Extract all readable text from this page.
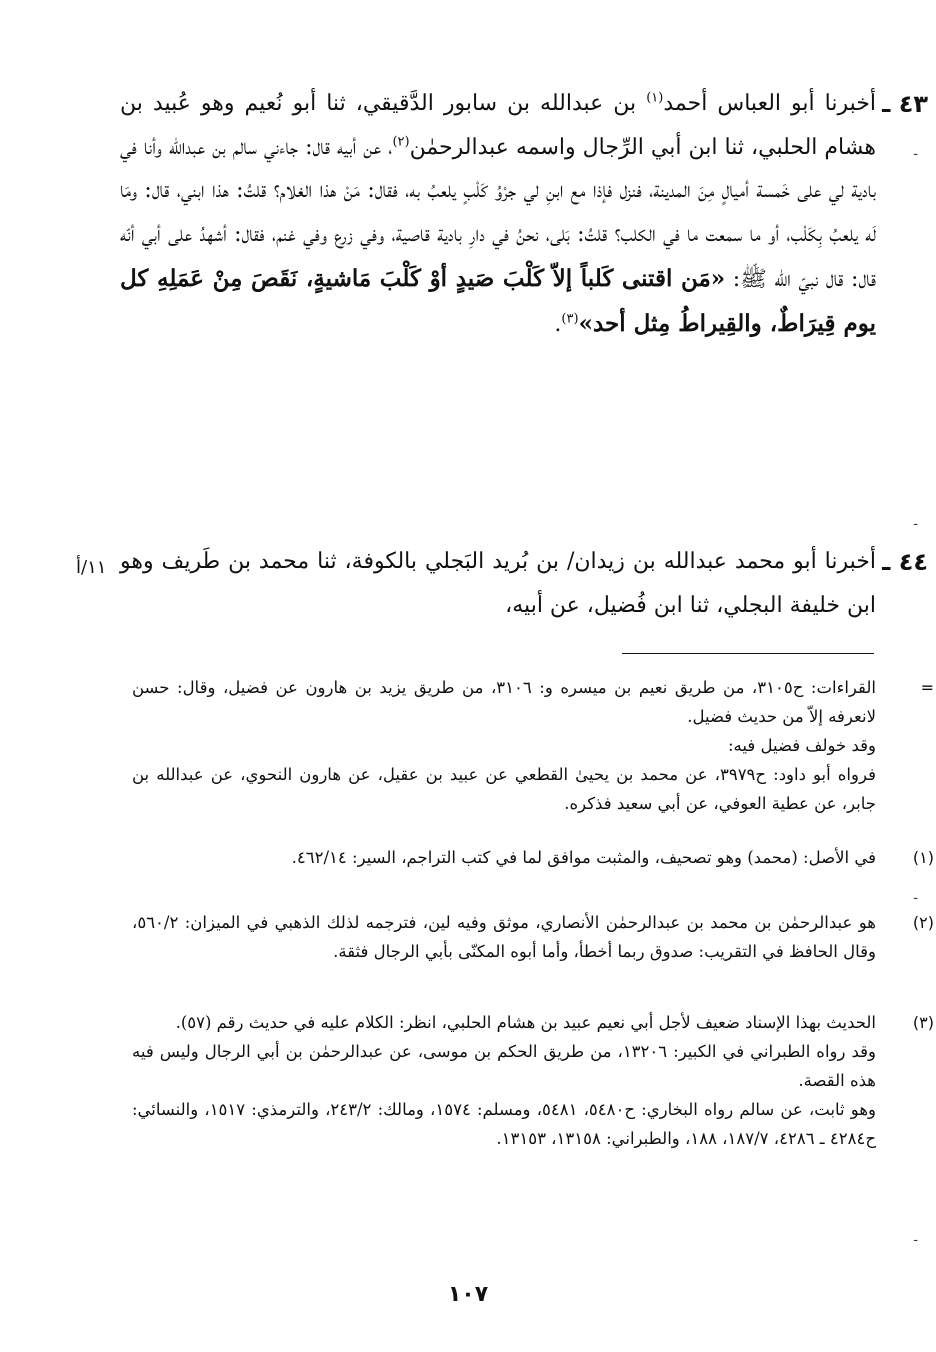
٤٣ ـ
أخبرنا أبو العباس أحمد$^{(١)}$ بن عبدالله بن سابور الدَّقيقي، ثنا أبو نُعيم وهو عُبيد بن هشام الحلبي، ثنا ابن أبي الرِّجال واسمه عبدالرحمٰن$^{(٢)}$، عن أبيه قال: جاءني سالم بن عبدالله وأنا في بادية لي على خَمسة أميالٍ مِنَ المدينة، فنزل فإذا مع ابنِ لي جرْوُ كَلْبٍ يلعبُ به، فقال: مَنْ هذا الغلام؟ قلتُ: هذا ابني، قال: ومَا لَه يلعبُ بِكَلْب، أو ما سمعت ما في الكلب؟ قلتُ: بَلى، نحنُ في دارِ بادية قاصية، وفي زرع وفي غنم، فقال: أشهدُ على أبي أنّه قال: قال نبيّ الله ﷺ: «مَن اقتنى كَلباً إلاّ كَلْبَ صَيدٍ أوْ كَلْبَ مَاشيةٍ، نَقَصَ مِنْ عَمَلِهِ كل يوم قِيرَاطٌ، والقِيراطُ مِثل أحد»$^{(٣)}$.
٤٤ ـ
أخبرنا أبو محمد عبدالله بن زيدان/ بن بُريد البَجلي بالكوفة، ثنا محمد بن طَريف وهو ابن خليفة البجلي، ثنا ابن فُضيل، عن أبيه،
١١/أ
=
القراءات: ح٣١٠٥، من طريق نعيم بن ميسره و: ٣١٠٦، من طريق يزيد بن هارون عن فضيل، وقال: حسن لانعرفه إلاّ من حديث فضيل.
وقد خولف فضيل فيه:
فرواه أبو داود: ح٣٩٧٩، عن محمد بن يحيىٰ القطعي عن عبيد بن عقيل، عن هارون النحوي، عن عبدالله بن جابر، عن عطية العوفي، عن أبي سعيد فذكره.
(١)
في الأصل: (محمد) وهو تصحيف، والمثبت موافق لما في كتب التراجم، السير: ٤٦٢/١٤.
(٢)
هو عبدالرحمٰن بن محمد بن عبدالرحمٰن الأنصاري، موثق وفيه لين، فترجمه لذلك الذهبي في الميزان: ٥٦٠/٢، وقال الحافظ في التقريب: صدوق ربما أخطأ، وأما أبوه المكنّى بأبي الرجال فثقة.
(٣)
الحديث بهذا الإسناد ضعيف لأجل أبي نعيم عبيد بن هشام الحلبي، انظر: الكلام عليه في حديث رقم (٥٧).
وقد رواه الطبراني في الكبير: ١٣٢٠٦، من طريق الحكم بن موسى، عن عبدالرحمٰن بن أبي الرجال وليس فيه هذه القصة.
وهو ثابت، عن سالم رواه البخاري: ح٥٤٨٠، ٥٤٨١، ومسلم: ١٥٧٤، ومالك: ٢٤٣/٢، والترمذي: ١٥١٧، والنسائي: ح٤٢٨٤ ـ ٤٢٨٦، ١٨٧/٧، ١٨٨، والطبراني: ١٣١٥٨، ١٣١٥٣.
١٠٧
-
-
-
-
